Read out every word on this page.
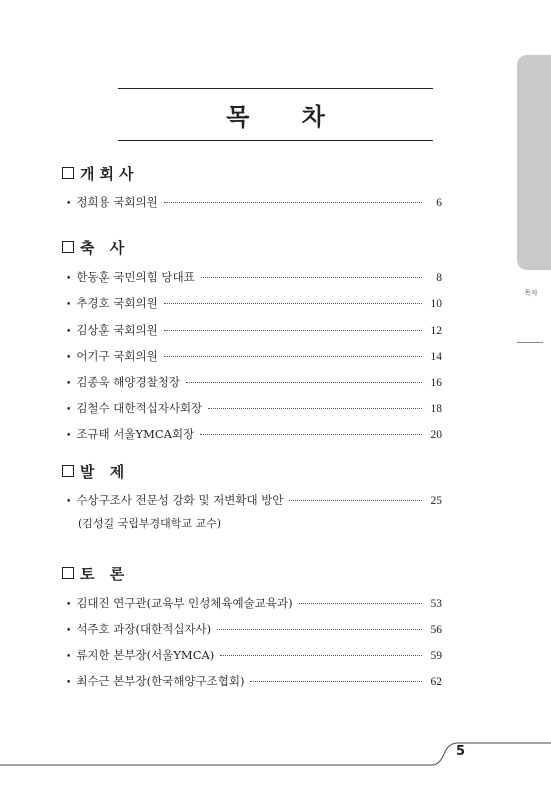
목차
목 차
개회사
• 정희용 국회의원	6
축 사
• 한동훈 국민의힘 당대표	8
• 추경호 국회의원	10
• 김상훈 국회의원	12
• 어기구 국회의원	14
• 김종욱 해양경찰청장	16
• 김철수 대한적십자사회장	18
• 조규태 서울YMCA회장	20
발 제
• 수상구조사 전문성 강화 및 저변확대 방안	25
(김성길 국립부경대학교 교수)
토 론
• 김대진 연구관(교육부 인성체육예술교육과)	53
• 석주호 과장(대한적십자사)	56
• 류지한 본부장(서울YMCA)	59
• 최수근 본부장(한국해양구조협회)	62
5
